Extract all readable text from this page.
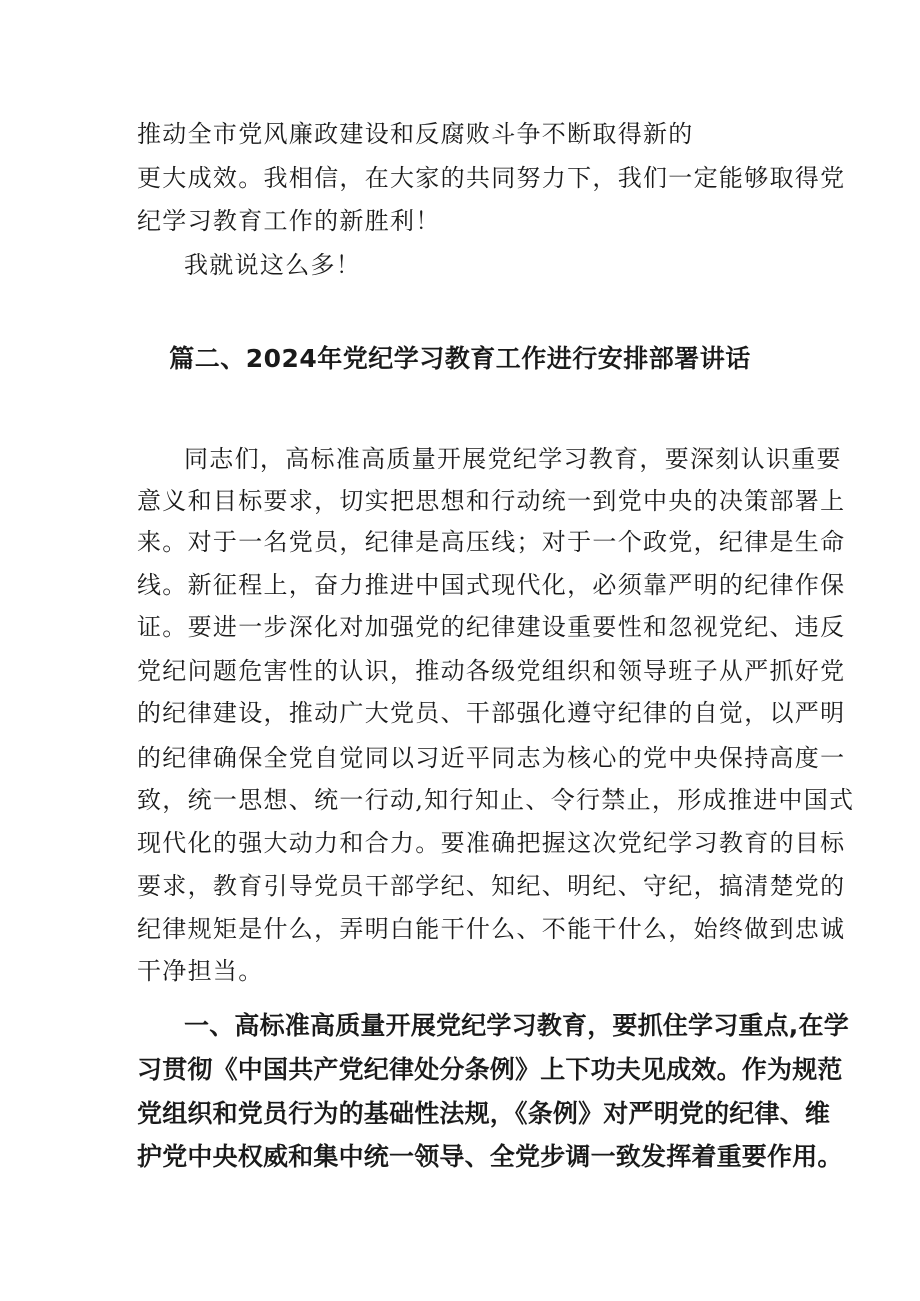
推动全市党风廉政建设和反腐败斗争不断取得新的
更大成效。我相信，在大家的共同努力下，我们一定能够取得党
纪学习教育工作的新胜利！
我就说这么多！
篇二、2024年党纪学习教育工作进行安排部署讲话
同志们，高标准高质量开展党纪学习教育，要深刻认识重要
意义和目标要求，切实把思想和行动统一到党中央的决策部署上
来。对于一名党员，纪律是高压线；对于一个政党，纪律是生命
线。新征程上，奋力推进中国式现代化，必须靠严明的纪律作保
证。要进一步深化对加强党的纪律建设重要性和忽视党纪、违反
党纪问题危害性的认识，推动各级党组织和领导班子从严抓好党
的纪律建设，推动广大党员、干部强化遵守纪律的自觉，以严明
的纪律确保全党自觉同以习近平同志为核心的党中央保持高度一
致，统一思想、统一行动,知行知止、令行禁止，形成推进中国式
现代化的强大动力和合力。要准确把握这次党纪学习教育的目标
要求，教育引导党员干部学纪、知纪、明纪、守纪，搞清楚党的
纪律规矩是什么，弄明白能干什么、不能干什么，始终做到忠诚
干净担当。
一、高标准高质量开展党纪学习教育，要抓住学习重点,在学
习贯彻《中国共产党纪律处分条例》上下功夫见成效。作为规范
党组织和党员行为的基础性法规，《条例》对严明党的纪律、维
护党中央权威和集中统一领导、全党步调一致发挥着重要作用。
